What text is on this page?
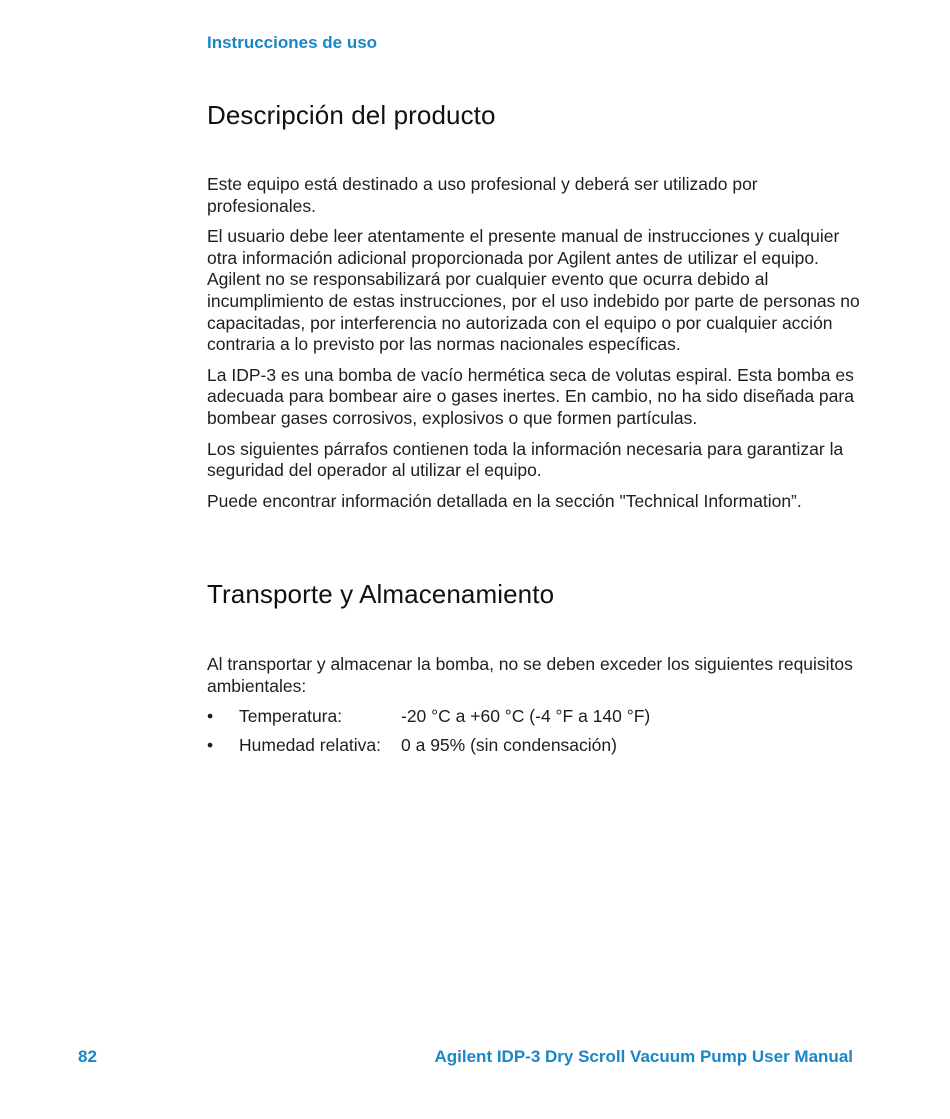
Instrucciones de uso
Descripción del producto

Este equipo está destinado a uso profesional y deberá ser utilizado por profesionales.

El usuario debe leer atentamente el presente manual de instrucciones y cualquier otra información adicional proporcionada por Agilent antes de utilizar el equipo. Agilent no se responsabilizará por cualquier evento que ocurra debido al incumplimiento de estas instrucciones, por el uso indebido por parte de personas no capacitadas, por interferencia no autorizada con el equipo o por cualquier acción contraria a lo previsto por las normas nacionales específicas.

La IDP-3 es una bomba de vacío hermética seca de volutas espiral. Esta bomba es adecuada para bombear aire o gases inertes. En cambio, no ha sido diseñada para bombear gases corrosivos, explosivos o que formen partículas.

Los siguientes párrafos contienen toda la información necesaria para garantizar la seguridad del operador al utilizar el equipo.

Puede encontrar información detallada en la sección "Technical Information”.

Transporte y Almacenamiento

Al transportar y almacenar la bomba, no se deben exceder los siguientes requisitos ambientales:

•	Temperatura:	-20 °C a +60 °C (-4 °F a 140 °F)
•	Humedad relativa: 0 a 95% (sin condensación)
82	Agilent IDP-3 Dry Scroll Vacuum Pump User Manual
